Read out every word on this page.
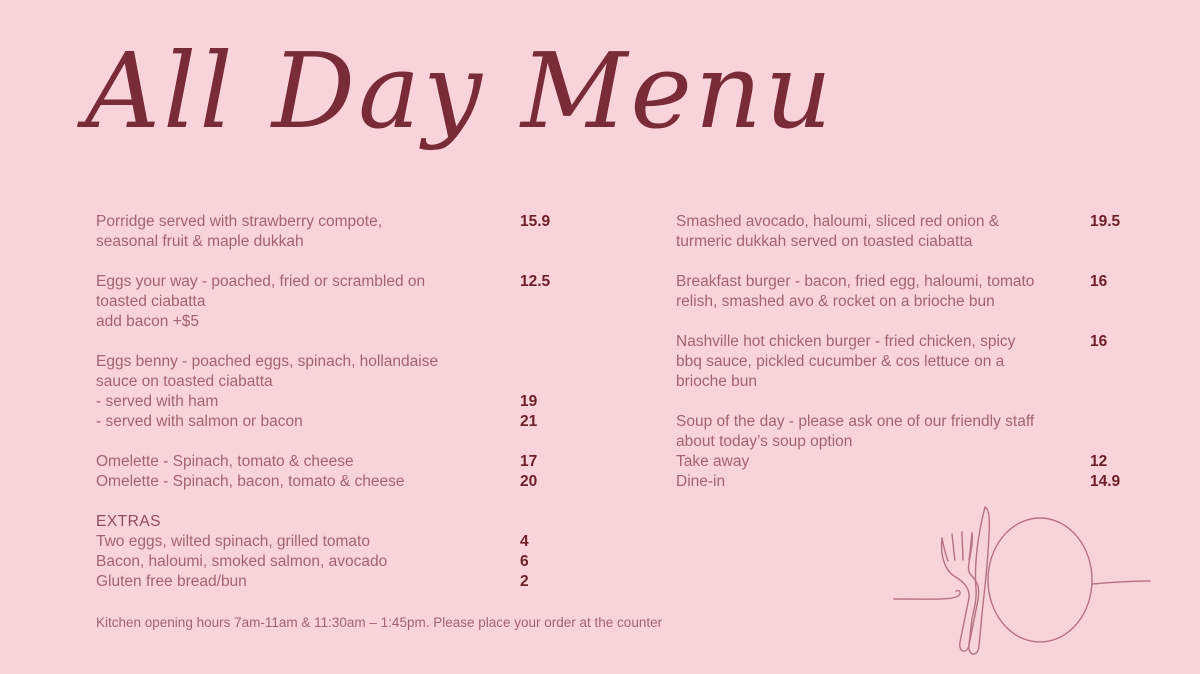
All Day Menu
Porridge served with strawberry compote,	15.9
seasonal fruit & maple dukkah
Eggs your way - poached, fried or scrambled on	12.5
toasted ciabatta
add bacon +$5
Eggs benny - poached eggs, spinach, hollandaise
sauce on toasted ciabatta
- served with ham	19
- served with salmon or bacon	21
Omelette - Spinach, tomato & cheese	17
Omelette - Spinach, bacon, tomato & cheese	20
EXTRAS
Two eggs, wilted spinach, grilled tomato	4
Bacon, haloumi, smoked salmon, avocado	6
Gluten free bread/bun	2
Smashed avocado, haloumi, sliced red onion &	19.5
turmeric dukkah served on toasted ciabatta
Breakfast burger - bacon, fried egg, haloumi, tomato	16
relish, smashed avo & rocket on a brioche bun
Nashville hot chicken burger - fried chicken, spicy	16
bbq sauce, pickled cucumber & cos lettuce on a
brioche bun
Soup of the day - please ask one of our friendly staff
about today’s soup option
Take away	12
Dine-in	14.9
Kitchen opening hours 7am-11am & 11:30am – 1:45pm. Please place your order at the counter
